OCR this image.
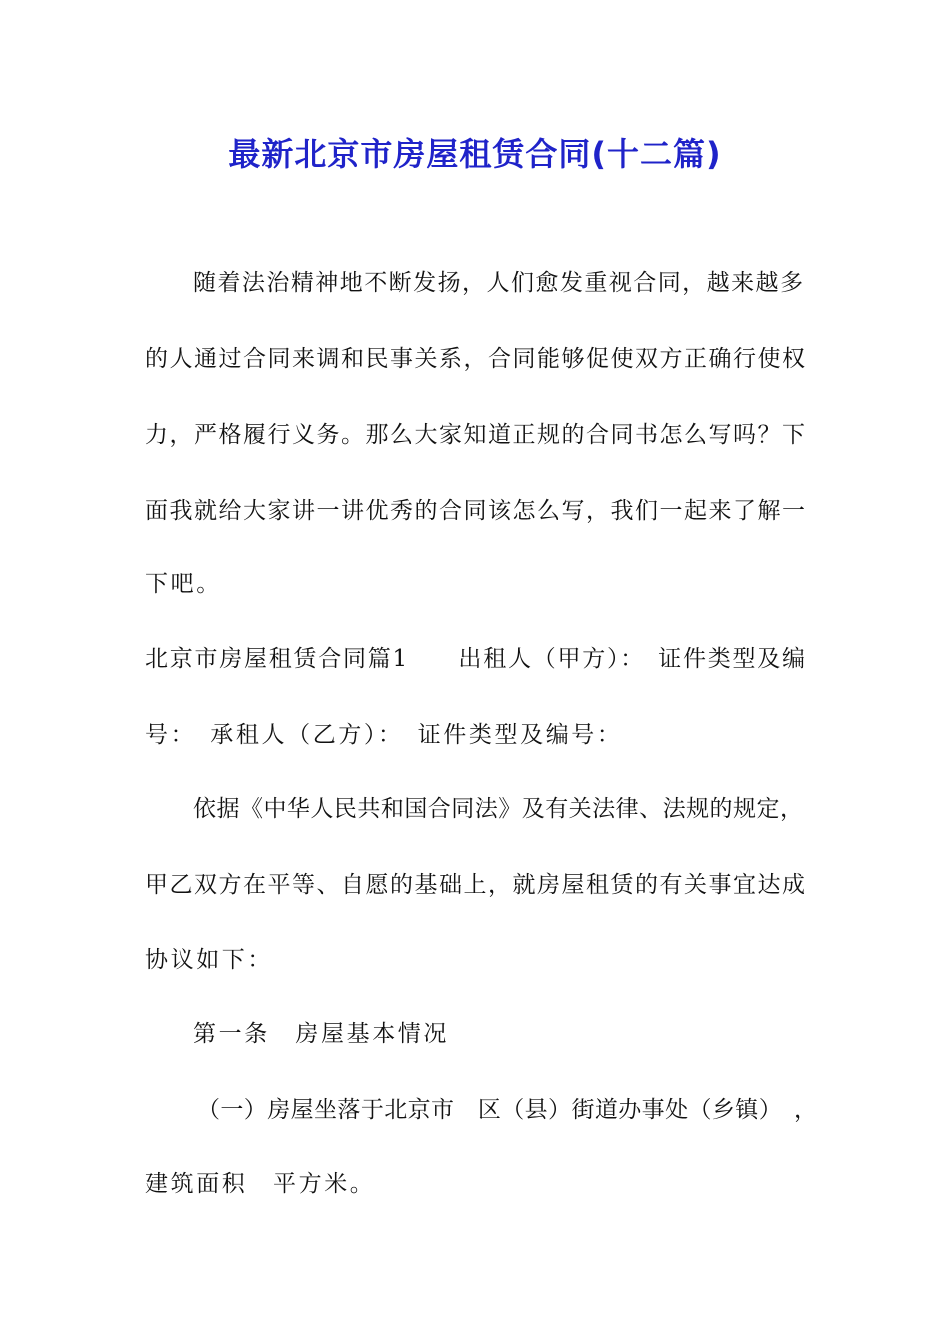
最新北京市房屋租赁合同(十二篇)
随着法治精神地不断发扬，人们愈发重视合同，越来越多
的人通过合同来调和民事关系，合同能够促使双方正确行使权
力，严格履行义务。那么大家知道正规的合同书怎么写吗？下
面我就给大家讲一讲优秀的合同该怎么写，我们一起来了解一
下吧。
北京市房屋租赁合同篇1　　出租人（甲方）：　证件类型及编
号：　承租人（乙方）：　证件类型及编号：
依据《中华人民共和国合同法》及有关法律、法规的规定，
甲乙双方在平等、自愿的基础上，就房屋租赁的有关事宜达成
协议如下：
第一条　房屋基本情况
（一）房屋坐落于北京市　区（县）街道办事处（乡镇）　，
建筑面积　平方米。
